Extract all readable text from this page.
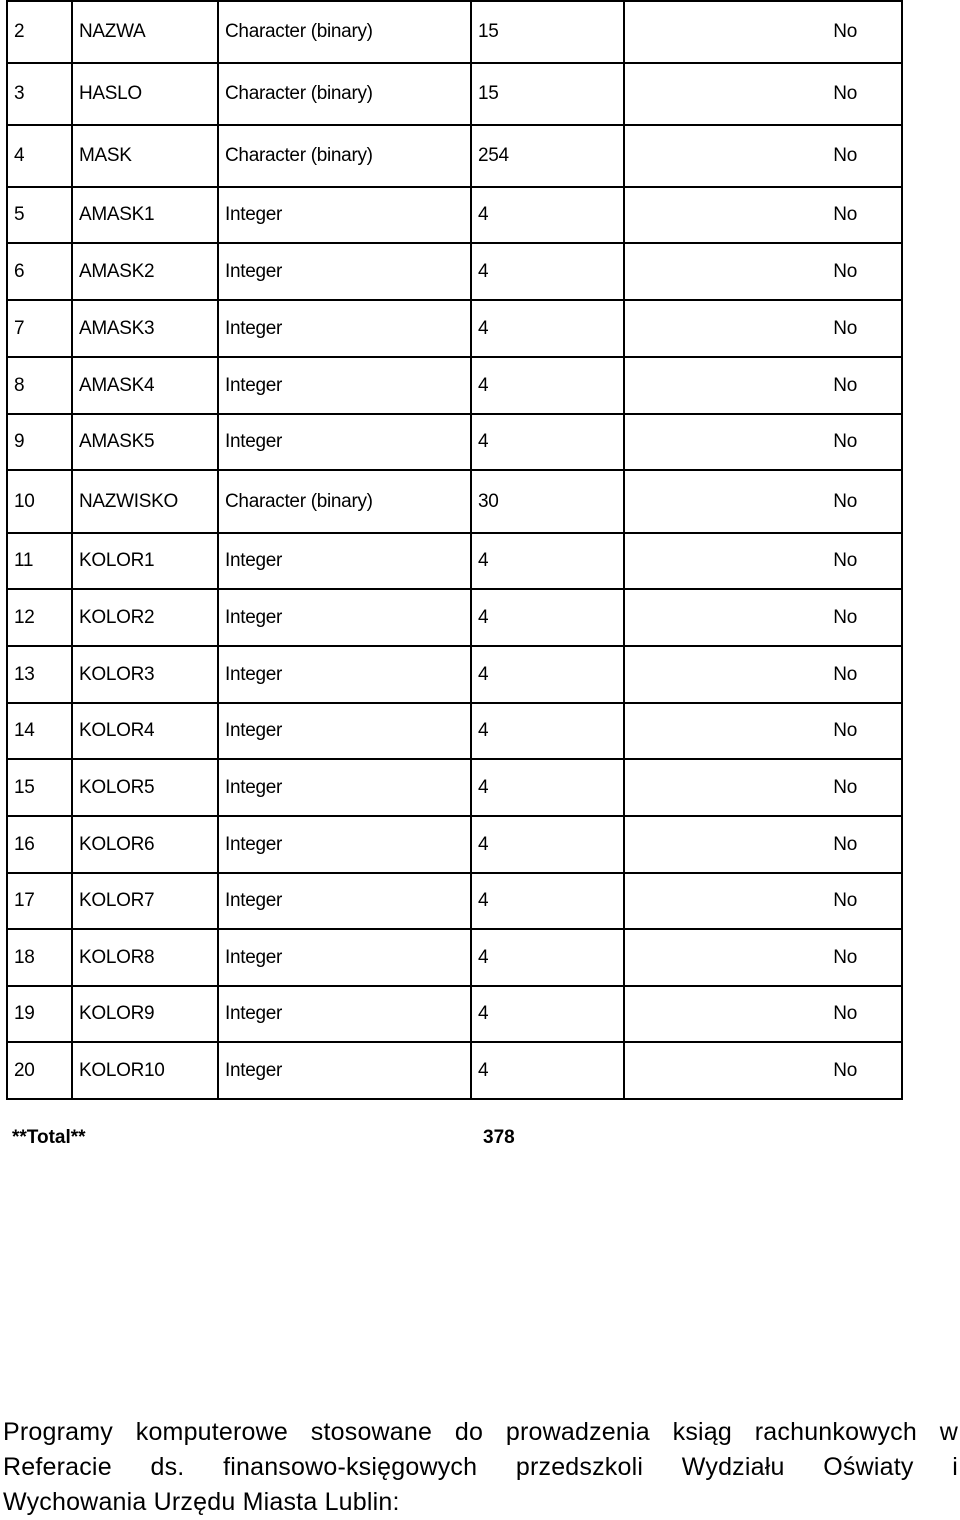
2	NAZWA	Character (binary)	15	No
3	HASLO	Character (binary)	15	No
4	MASK	Character (binary)	254	No
5	AMASK1	Integer	4	No
6	AMASK2	Integer	4	No
7	AMASK3	Integer	4	No
8	AMASK4	Integer	4	No
9	AMASK5	Integer	4	No
10	NAZWISKO	Character (binary)	30	No
11	KOLOR1	Integer	4	No
12	KOLOR2	Integer	4	No
13	KOLOR3	Integer	4	No
14	KOLOR4	Integer	4	No
15	KOLOR5	Integer	4	No
16	KOLOR6	Integer	4	No
17	KOLOR7	Integer	4	No
18	KOLOR8	Integer	4	No
19	KOLOR9	Integer	4	No
20	KOLOR10	Integer	4	No
**Total**	378
Programy komputerowe stosowane do prowadzenia ksiąg rachunkowych w
Referacie ds. finansowo-księgowych przedszkoli Wydziału Oświaty i
Wychowania Urzędu Miasta Lublin:
